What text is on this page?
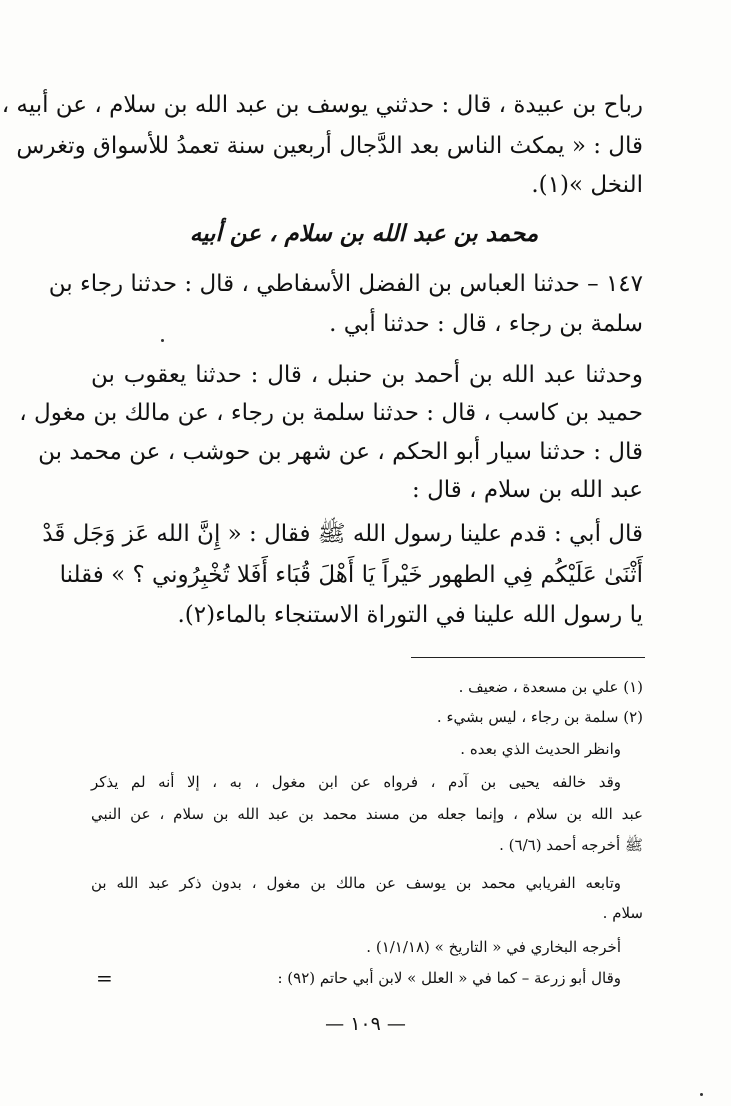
رباح بن عبيدة ، قال : حدثني يوسف بن عبد الله بن سلام ، عن أبيه ،
قال : « يمكث الناس بعد الدَّجال أربعين سنة تعمدُ للأسواق وتغرس
النخل »(١).
محمد بن عبد الله بن سلام ، عن أبيه
١٤٧ – حدثنا العباس بن الفضل الأسفاطي ، قال : حدثنا رجاء بن
سلمة بن رجاء ، قال : حدثنا أبي .
وحدثنا عبد الله بن أحمد بن حنبل ، قال : حدثنا يعقوب بن
حميد بن كاسب ، قال : حدثنا سلمة بن رجاء ، عن مالك بن مغول ،
قال : حدثنا سيار أبو الحكم ، عن شهر بن حوشب ، عن محمد بن
عبد الله بن سلام ، قال :
قال أبي : قدم علينا رسول الله ﷺ فقال : « إِنَّ الله عَز وَجَل قَدْ
أَثْنَىٰ عَلَيْكُم فِي الطهور خَيْراً يَا أَهْلَ قُبَاء أَفَلا تُخْبِرُوني ؟ » فقلنا
يا رسول الله علينا في التوراة الاستنجاء بالماء(٢).
(١) علي بن مسعدة ، ضعيف .
(٢) سلمة بن رجاء ، ليس بشيء .
وانظر الحديث الذي بعده .
وقد خالفه يحيى بن آدم ، فرواه عن ابن مغول ، به ، إلا أنه لم يذكر
عبد الله بن سلام ، وإنما جعله من مسند محمد بن عبد الله بن سلام ، عن النبي
ﷺ أخرجه أحمد (٦/٦) .
وتابعه الفريابي محمد بن يوسف عن مالك بن مغول ، بدون ذكر عبد الله بن
سلام .
أخرجه البخاري في « التاريخ » (١/١/١٨) .
وقال أبو زرعة – كما في « العلل » لابن أبي حاتم (٩٢) :
=
— ١٠٩ —
